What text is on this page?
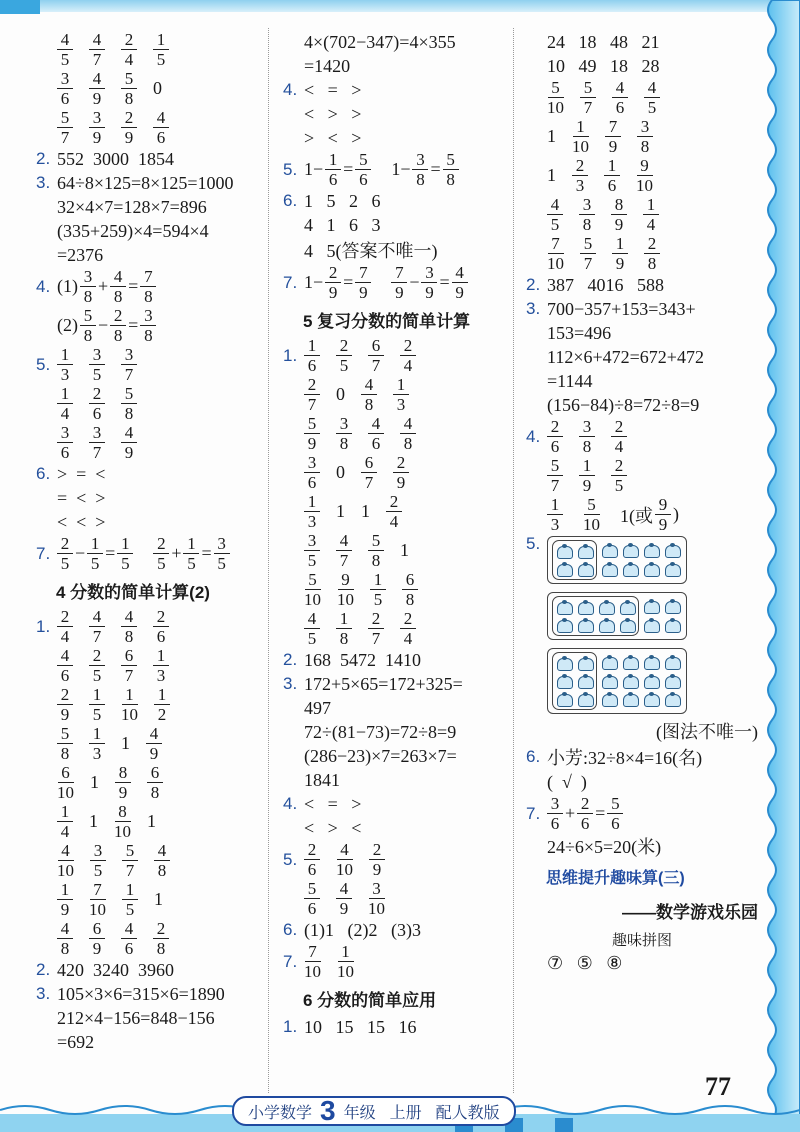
$\frac{4}{5} \frac{4}{7} \frac{2}{4} \frac{1}{5}$
$\frac{3}{6} \frac{4}{9} \frac{5}{8} 0$
$\frac{5}{7} \frac{3}{9} \frac{2}{9} \frac{4}{6}$
2. 552  3000  1854
3. 64÷8×125=8×125=1000
32×4×7=128×7=896
(335+259)×4=594×4
=2376
4. $(1) \frac{3}{8} + \frac{4}{8} = \frac{7}{8}$
$(2) \frac{5}{8} - \frac{2}{8} = \frac{3}{8}$
5. $\frac{1}{3} \frac{3}{5} \frac{3}{7}$
$\frac{1}{4} \frac{2}{6} \frac{5}{8}$
$\frac{3}{6} \frac{3}{7} \frac{4}{9}$
6. >  =  <
=  <  >
<  <  >
7. $\frac{2}{5} - \frac{1}{5} = \frac{1}{5} \frac{2}{5} + \frac{1}{5} = \frac{3}{5}$
4 分数的简单计算(2)
1. $\frac{2}{4} \frac{4}{7} \frac{4}{8} \frac{2}{6}$
$\frac{4}{6} \frac{2}{5} \frac{6}{7} \frac{1}{3}$
$\frac{2}{9} \frac{1}{5} \frac{1}{10} \frac{1}{2}$
$\frac{5}{8} \frac{1}{3} 1 \frac{4}{9}$
$\frac{6}{10} 1 \frac{8}{9} \frac{6}{8}$
$\frac{1}{4} 1 \frac{8}{10} 1$
$\frac{4}{10} \frac{3}{5} \frac{5}{7} \frac{4}{8}$
$\frac{1}{9} \frac{7}{10} \frac{1}{5} 1$
$\frac{4}{8} \frac{6}{9} \frac{4}{6} \frac{2}{8}$
2. 420  3240  3960
3. 105×3×6=315×6=1890
212×4−156=848−156
=692
4×(702−347)=4×355
=1420
4. <   =   >
<   >   >
>   <   >
5. $1- \frac{1}{6} = \frac{5}{6} 1- \frac{3}{8} = \frac{5}{8}$
6. 1   5   2   6
4   1   6   3
4   5(答案不唯一)
7. $1- \frac{2}{9} = \frac{7}{9} \frac{7}{9} - \frac{3}{9} = \frac{4}{9}$
5 复习分数的简单计算
1. $\frac{1}{6} \frac{2}{5} \frac{6}{7} \frac{2}{4}$
$\frac{2}{7} 0 \frac{4}{8} \frac{1}{3}$
$\frac{5}{9} \frac{3}{8} \frac{4}{6} \frac{4}{8}$
$\frac{3}{6} 0 \frac{6}{7} \frac{2}{9}$
$\frac{1}{3} 1$ $1 \frac{2}{4}$
$\frac{3}{5} \frac{4}{7} \frac{5}{8} 1$
$\frac{5}{10} \frac{9}{10} \frac{1}{5} \frac{6}{8}$
$\frac{4}{5} \frac{1}{8} \frac{2}{7} \frac{2}{4}$
2. 168  5472  1410
3. 172+5×65=172+325=
497
72÷(81−73)=72÷8=9
(286−23)×7=263×7=
1841
4. <   =   >
<   >   <
5. $\frac{2}{6} \frac{4}{10} \frac{2}{9}$
$\frac{5}{6} \frac{4}{9} \frac{3}{10}$
6. (1)1   (2)2   (3)3
7. $\frac{7}{10} \frac{1}{10}$
6 分数的简单应用
1. 10   15   15   16
24   18   48   21
10   49   18   28
$\frac{5}{10} \frac{5}{7} \frac{4}{6} \frac{4}{5}$
$1 \frac{1}{10} \frac{7}{9} \frac{3}{8}$
$1 \frac{2}{3} \frac{1}{6} \frac{9}{10}$
$\frac{4}{5} \frac{3}{8} \frac{8}{9} \frac{1}{4}$
$\frac{7}{10} \frac{5}{7} \frac{1}{9} \frac{2}{8}$
2. 387   4016   588
3. 700−357+153=343+
153=496
112×6+472=672+472
=1144
(156−84)÷8=72÷8=9
4. $\frac{2}{6} \frac{3}{8} \frac{2}{4}$
$\frac{5}{7} \frac{1}{9} \frac{2}{5}$
$\frac{1}{3} \frac{5}{10} 1$(或 $\frac{9}{9}$ )
5.
(图法不唯一)
6. 小芳:32÷8×4=16(名)
(  √  )
7. $\frac{3}{6} + \frac{2}{6} = \frac{5}{6}$
24÷6×5=20(米)
思维提升趣味算(三)
——数学游戏乐园
趣味拼图
⑦   ⑤   ⑧
77
小学数学 3 年级 上册 配人教版
